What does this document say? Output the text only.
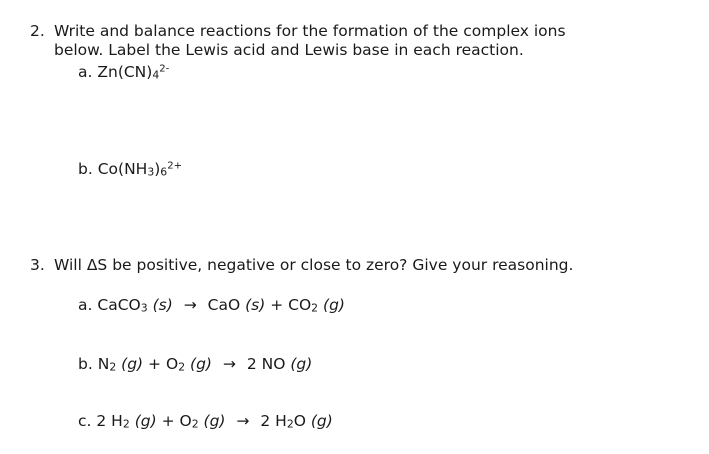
2. Write and balance reactions for the formation of the complex ions
below. Label the Lewis acid and Lewis base in each reaction.
a. $Zn(CN)_4^{2-}$
b. $Co(NH_3)_6^{2+}$
3. Will ΔS be positive, negative or close to zero? Give your reasoning.
a. CaCO$_3$ (s) → CaO $(s) + CO_2$ (g)
b. $N_2$ $(g) + O_2$ (g) → 2 NO (g)
c. 2 $H_2$ $(g) + O_2$ (g) → 2 $H_2O$ (g)
